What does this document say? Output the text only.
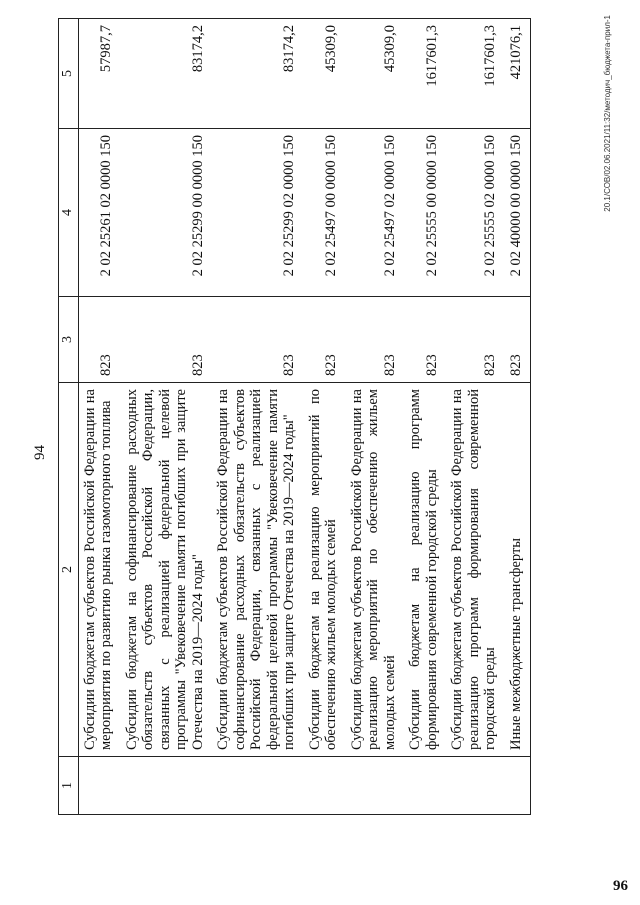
94
1	2	3	4	5
	Субсидии бюджетам субъектов Российской Федерации на мероприятия по развитию рынка газомоторного топлива	823	2 02 25261 02 0000 150	57987,7
	Субсидии бюджетам на софинансирование расходных обязательств субъектов Российской Федерации, связанных с реализацией федеральной целевой программы "Увековечение памяти погибших при защите Отечества на 2019—2024 годы"	823	2 02 25299 00 0000 150	83174,2
	Субсидии бюджетам субъектов Российской Федерации на софинансирование расходных обязательств субъектов Российской Федерации, связанных с реализацией федеральной целевой программы "Увековечение памяти погибших при защите Отечества на 2019—2024 годы"	823	2 02 25299 02 0000 150	83174,2
	Субсидии бюджетам на реализацию мероприятий по обеспечению жильем молодых семей	823	2 02 25497 00 0000 150	45309,0
	Субсидии бюджетам субъектов Российской Федерации на реализацию мероприятий по обеспечению жильем молодых семей	823	2 02 25497 02 0000 150	45309,0
	Субсидии бюджетам на реализацию программ формирования современной городской среды	823	2 02 25555 00 0000 150	1617601,3
	Субсидии бюджетам субъектов Российской Федерации на реализацию программ формирования современной городской среды	823	2 02 25555 02 0000 150	1617601,3
	Иные межбюджетные трансферты	823	2 02 40000 00 0000 150	421076,1	20.1/СОВ/02.06.2021/11:32/методич_бюджета-прил-1
96
